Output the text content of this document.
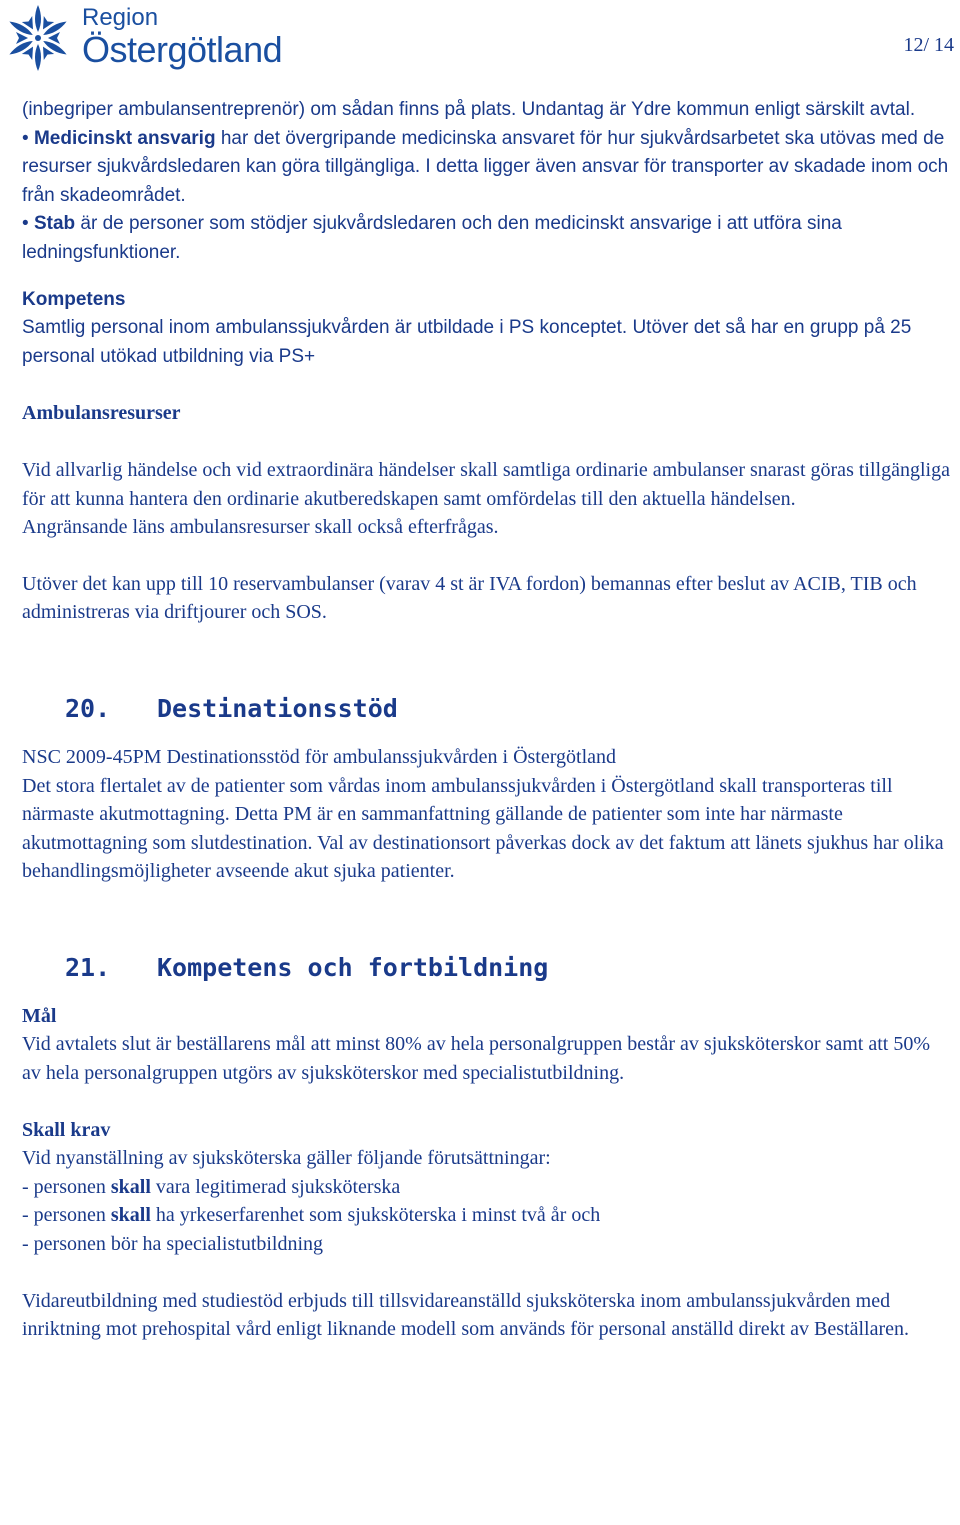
Region
Östergötland	12/ 14

(inbegriper ambulansentreprenör) om sådan finns på plats. Undantag är Ydre kommun enligt särskilt avtal.

• Medicinskt ansvarig har det övergripande medicinska ansvaret för hur sjukvårdsarbetet ska utövas med de resurser sjukvårdsledaren kan göra tillgängliga. I detta ligger även ansvar för transporter av skadade inom och från skadeområdet.

• Stab är de personer som stödjer sjukvårdsledaren och den medicinskt ansvarige i att utföra sina ledningsfunktioner.

Kompetens

Samtlig personal inom ambulanssjukvården är utbildade i PS konceptet. Utöver det så har en grupp på 25 personal utökad utbildning via PS+

Ambulansresurser

Vid allvarlig händelse och vid extraordinära händelser skall samtliga ordinarie ambulanser snarast göras tillgängliga för att kunna hantera den ordinarie akutberedskapen samt omfördelas till den aktuella händelsen.

Angränsande läns ambulansresurser skall också efterfrågas.

Utöver det kan upp till 10 reservambulanser (varav 4 st är IVA fordon) bemannas efter beslut av ACIB, TIB och administreras via driftjourer och SOS.

20.	Destinationsstöd

NSC 2009-45PM Destinationsstöd för ambulanssjukvården i Östergötland

Det stora flertalet av de patienter som vårdas inom ambulanssjukvården i Östergötland skall transporteras till närmaste akutmottagning. Detta PM är en sammanfattning gällande de patienter som inte har närmaste akutmottagning som slutdestination. Val av destinationsort påverkas dock av det faktum att länets sjukhus har olika behandlingsmöjligheter avseende akut sjuka patienter.

21.	Kompetens och fortbildning

Mål

Vid avtalets slut är beställarens mål att minst 80% av hela personalgruppen består av sjuksköterskor samt att 50% av hela personalgruppen utgörs av sjuksköterskor med specialistutbildning.

Skall krav

Vid nyanställning av sjuksköterska gäller följande förutsättningar:

- personen skall vara legitimerad sjuksköterska

- personen skall ha yrkeserfarenhet som sjuksköterska i minst två år och

- personen bör ha specialistutbildning

Vidareutbildning med studiestöd erbjuds till tillsvidareanställd sjuksköterska inom ambulanssjukvården med inriktning mot prehospital vård enligt liknande modell som används för personal anställd direkt av Beställaren.
